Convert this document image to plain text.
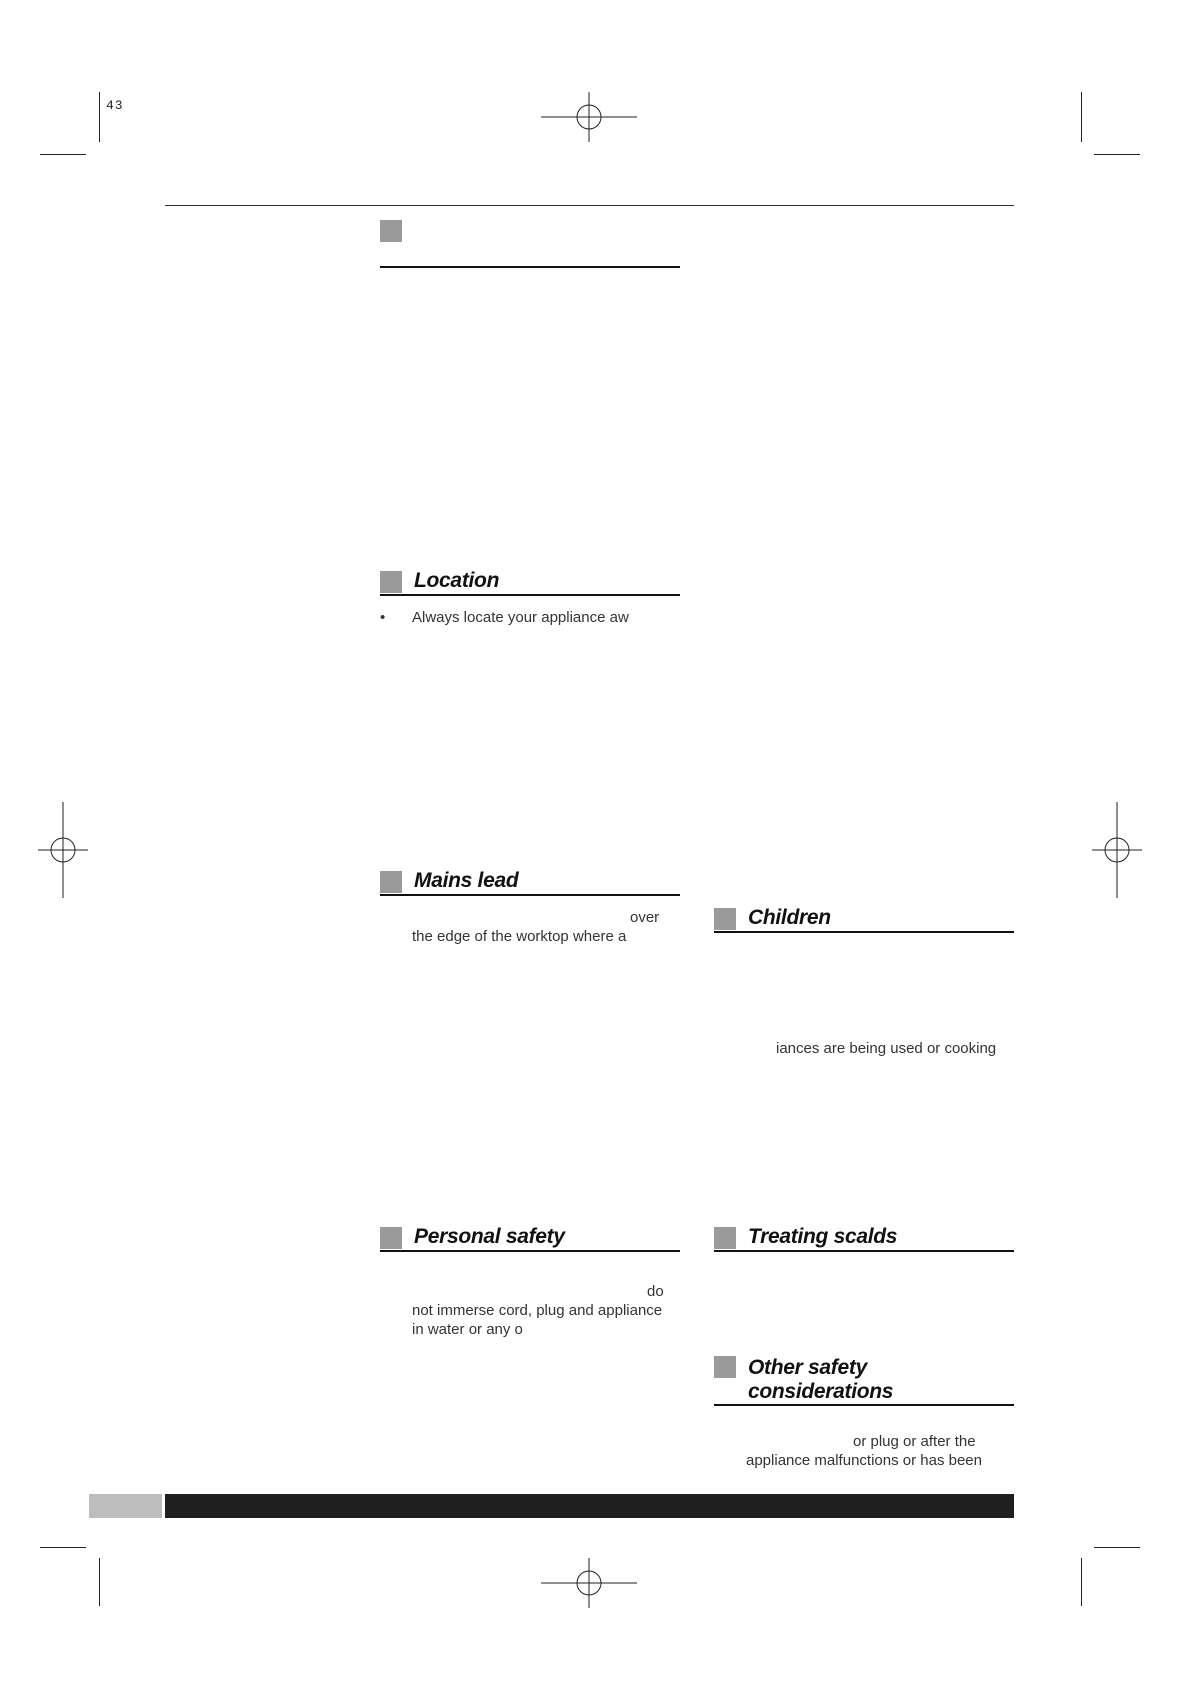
43
Location
• Always locate your appliance aw
Mains lead
over
the edge of the worktop where a
Children
iances are being used or cooking
Personal safety
do
not immerse cord, plug and appliance
in water or any o
Treating scalds
Other safety
considerations
or plug or after the
appliance malfunctions or has been
